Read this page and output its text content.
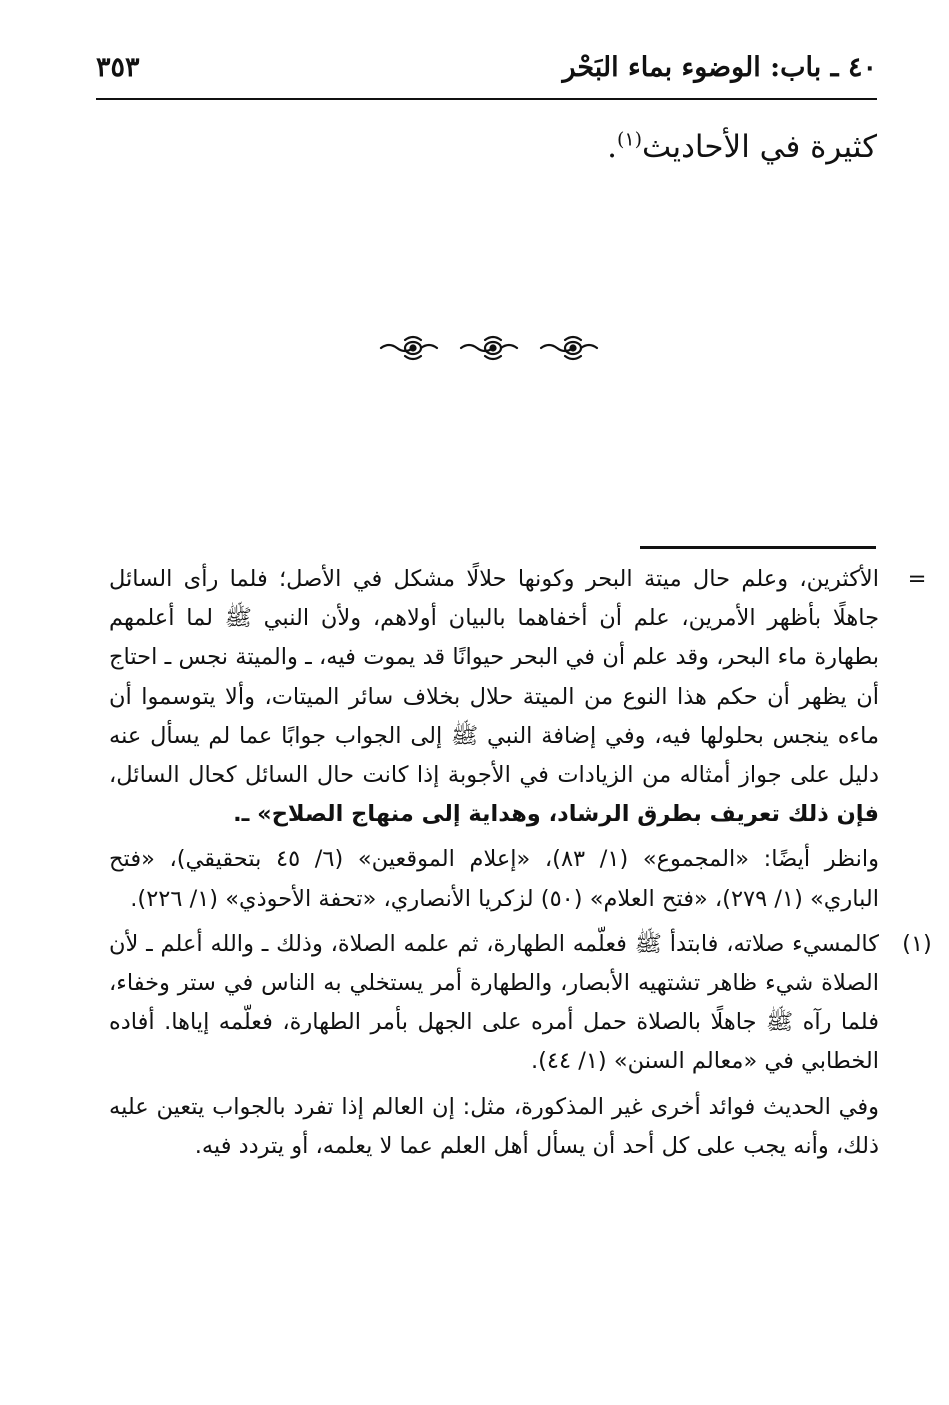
٤٠ ـ باب: الوضوء بماء البَحْر
٣٥٣
كثيرة في الأحاديث$^{(١)}$.

=
الأكثرين، وعلم حال ميتة البحر وكونها حلالًا مشكل في الأصل؛ فلما رأى السائل جاهلًا بأظهر الأمرين، علم أن أخفاهما بالبيان أولاهم، ولأن النبي ﷺ لما أعلمهم بطهارة ماء البحر، وقد علم أن في البحر حيوانًا قد يموت فيه، ـ والميتة نجس ـ احتاج أن يظهر أن حكم هذا النوع من الميتة حلال بخلاف سائر الميتات، وألا يتوسموا أن ماءه ينجس بحلولها فيه، وفي إضافة النبي ﷺ إلى الجواب جوابًا عما لم يسأل عنه دليل على جواز أمثاله من الزيادات في الأجوبة إذا كانت حال السائل كحال السائل، فإن ذلك تعريف بطرق الرشاد، وهداية إلى منهاج الصلاح» ـ.

وانظر أيضًا: «المجموع» (١/ ٨٣)، «إعلام الموقعين» (٦/ ٤٥ بتحقيقي)، «فتح الباري» (١/ ٢٧٩)، «فتح العلام» (٥٠) لزكريا الأنصاري، «تحفة الأحوذي» (١/ ٢٢٦).

(١)
كالمسيء صلاته، فابتدأ ﷺ فعلّمه الطهارة، ثم علمه الصلاة، وذلك ـ والله أعلم ـ لأن الصلاة شيء ظاهر تشتهيه الأبصار، والطهارة أمر يستخلي به الناس في ستر وخفاء، فلما رآه ﷺ جاهلًا بالصلاة حمل أمره على الجهل بأمر الطهارة، فعلّمه إياها. أفاده الخطابي في «معالم السنن» (١/ ٤٤).

وفي الحديث فوائد أخرى غير المذكورة، مثل: إن العالم إذا تفرد بالجواب يتعين عليه ذلك، وأنه يجب على كل أحد أن يسأل أهل العلم عما لا يعلمه، أو يتردد فيه.
